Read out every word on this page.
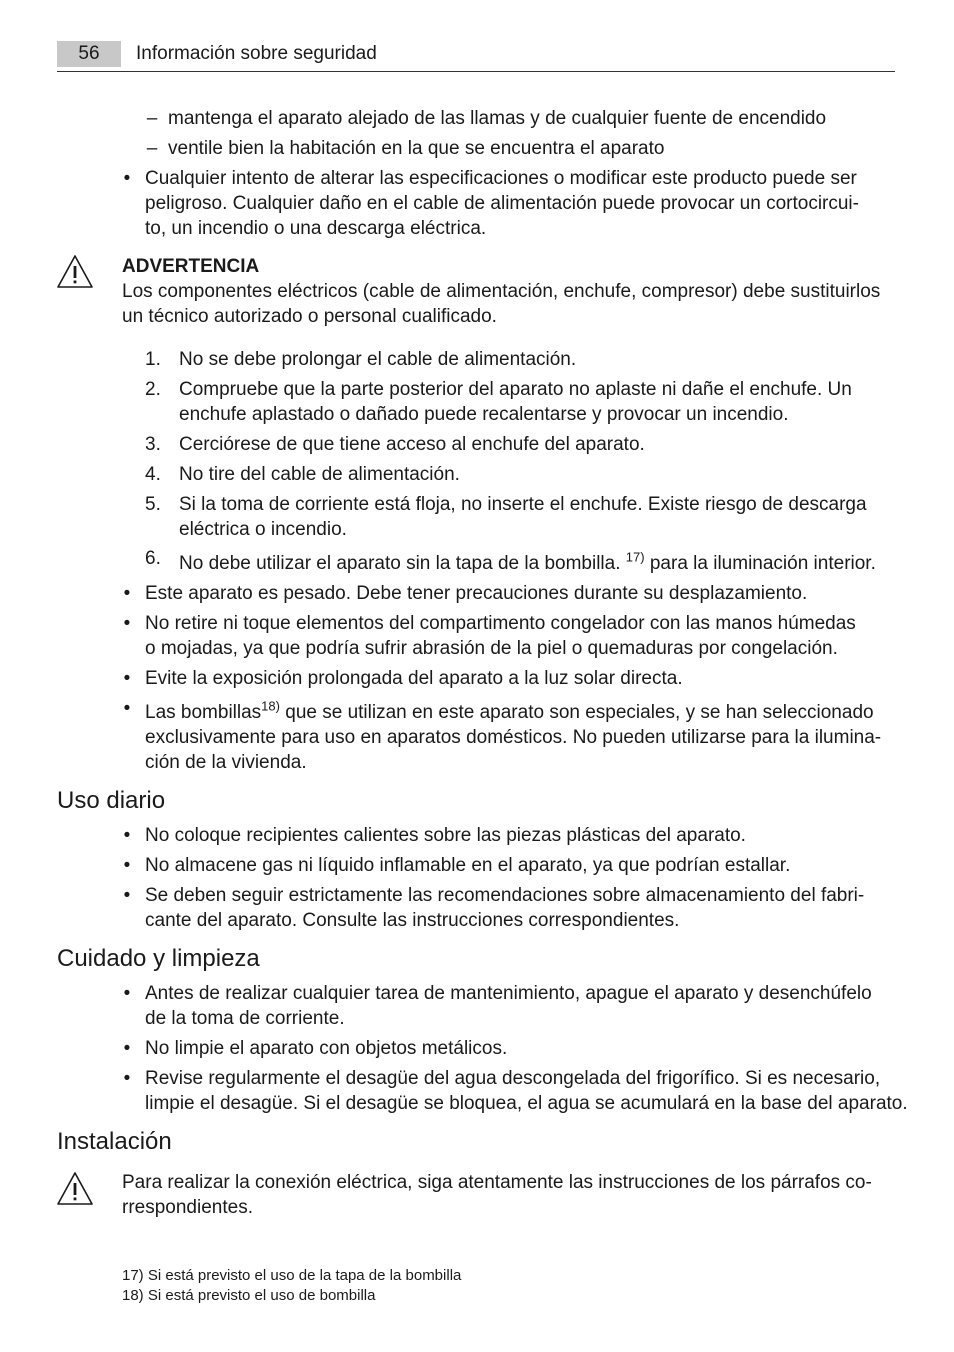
56	Información sobre seguridad
– mantenga el aparato alejado de las llamas y de cualquier fuente de encendido
– ventile bien la habitación en la que se encuentra el aparato
• Cualquier intento de alterar las especificaciones o modificar este producto puede ser
peligroso. Cualquier daño en el cable de alimentación puede provocar un cortocircui-
to, un incendio o una descarga eléctrica.
ADVERTENCIA
Los componentes eléctricos (cable de alimentación, enchufe, compresor) debe sustituirlos
un técnico autorizado o personal cualificado.
1. No se debe prolongar el cable de alimentación.
2. Compruebe que la parte posterior del aparato no aplaste ni dañe el enchufe. Un
enchufe aplastado o dañado puede recalentarse y provocar un incendio.
3. Cerciórese de que tiene acceso al enchufe del aparato.
4. No tire del cable de alimentación.
5. Si la toma de corriente está floja, no inserte el enchufe. Existe riesgo de descarga
eléctrica o incendio.
6. No debe utilizar el aparato sin la tapa de la bombilla. $^{17)}$ para la iluminación interior.
• Este aparato es pesado. Debe tener precauciones durante su desplazamiento.
• No retire ni toque elementos del compartimento congelador con las manos húmedas
o mojadas, ya que podría sufrir abrasión de la piel o quemaduras por congelación.
• Evite la exposición prolongada del aparato a la luz solar directa.
• Las bombillas$^{18)}$ que se utilizan en este aparato son especiales, y se han seleccionado
exclusivamente para uso en aparatos domésticos. No pueden utilizarse para la ilumina-
ción de la vivienda.
Uso diario
• No coloque recipientes calientes sobre las piezas plásticas del aparato.
• No almacene gas ni líquido inflamable en el aparato, ya que podrían estallar.
• Se deben seguir estrictamente las recomendaciones sobre almacenamiento del fabri-
cante del aparato. Consulte las instrucciones correspondientes.
Cuidado y limpieza
• Antes de realizar cualquier tarea de mantenimiento, apague el aparato y desenchúfelo
de la toma de corriente.
• No limpie el aparato con objetos metálicos.
• Revise regularmente el desagüe del agua descongelada del frigorífico. Si es necesario,
limpie el desagüe. Si el desagüe se bloquea, el agua se acumulará en la base del aparato.
Instalación
Para realizar la conexión eléctrica, siga atentamente las instrucciones de los párrafos co-
rrespondientes.
17) Si está previsto el uso de la tapa de la bombilla
18) Si está previsto el uso de bombilla
